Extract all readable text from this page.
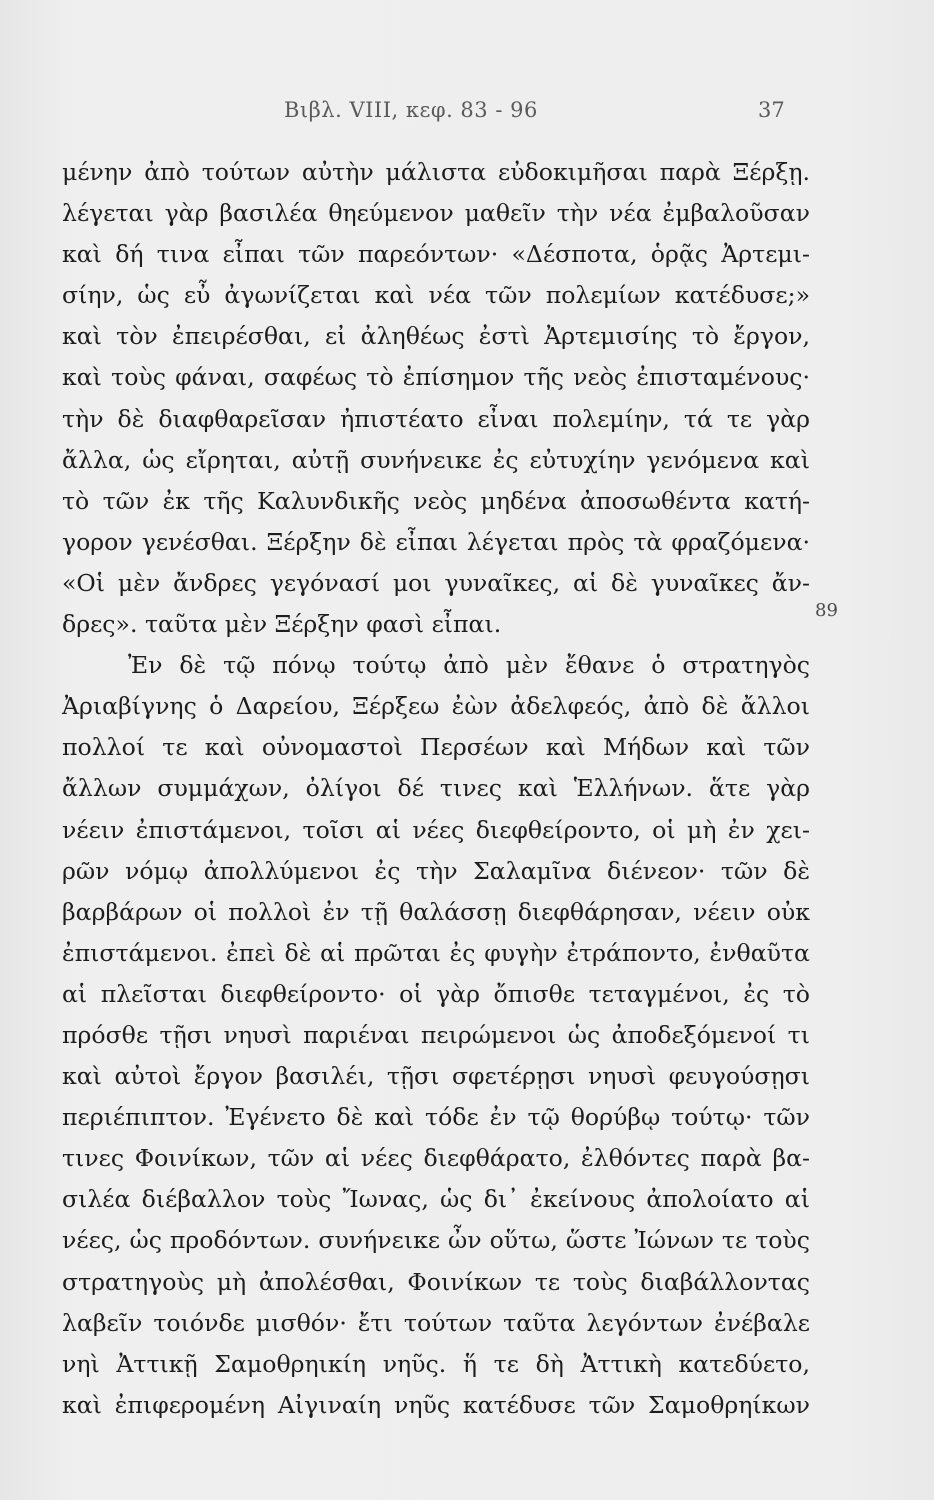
Βιβλ. VIII, κεφ. 83 - 96	37
89
μένην ἀπὸ τούτων αὐτὴν μάλιστα εὐδοκιμῆσαι παρὰ Ξέρξῃ.
λέγεται γὰρ βασιλέα θηεύμενον μαθεῖν τὴν νέα ἐμβαλοῦσαν
καὶ δή τινα εἶπαι τῶν παρεόντων· «Δέσποτα, ὁρᾷς Ἀρτεμι-
σίην, ὡς εὖ ἀγωνίζεται καὶ νέα τῶν πολεμίων κατέδυσε;»
καὶ τὸν ἐπειρέσθαι, εἰ ἀληθέως ἐστὶ Ἀρτεμισίης τὸ ἔργον,
καὶ τοὺς φάναι, σαφέως τὸ ἐπίσημον τῆς νεὸς ἐπισταμένους·
τὴν δὲ διαφθαρεῖσαν ἠπιστέατο εἶναι πολεμίην, τά τε γὰρ
ἄλλα, ὡς εἴρηται, αὐτῇ συνήνεικε ἐς εὐτυχίην γενόμενα καὶ
τὸ τῶν ἐκ τῆς Καλυνδικῆς νεὸς μηδένα ἀποσωθέντα κατή-
γορον γενέσθαι. Ξέρξην δὲ εἶπαι λέγεται πρὸς τὰ φραζόμενα·
«Οἱ μὲν ἄνδρες γεγόνασί μοι γυναῖκες, αἱ δὲ γυναῖκες ἄν-
δρες». ταῦτα μὲν Ξέρξην φασὶ εἶπαι.
Ἐν δὲ τῷ πόνῳ τούτῳ ἀπὸ μὲν ἔθανε ὁ στρατηγὸς
Ἀριαβίγνης ὁ Δαρείου, Ξέρξεω ἐὼν ἀδελφεός, ἀπὸ δὲ ἄλλοι
πολλοί τε καὶ οὐνομαστοὶ Περσέων καὶ Μήδων καὶ τῶν
ἄλλων συμμάχων, ὀλίγοι δέ τινες καὶ Ἑλλήνων. ἅτε γὰρ
νέειν ἐπιστάμενοι, τοῖσι αἱ νέες διεφθείροντο, οἱ μὴ ἐν χει-
ρῶν νόμῳ ἀπολλύμενοι ἐς τὴν Σαλαμῖνα διένεον· τῶν δὲ
βαρβάρων οἱ πολλοὶ ἐν τῇ θαλάσσῃ διεφθάρησαν, νέειν οὐκ
ἐπιστάμενοι. ἐπεὶ δὲ αἱ πρῶται ἐς φυγὴν ἐτράποντο, ἐνθαῦτα
αἱ πλεῖσται διεφθείροντο· οἱ γὰρ ὄπισθε τεταγμένοι, ἐς τὸ
πρόσθε τῇσι νηυσὶ παριέναι πειρώμενοι ὡς ἀποδεξόμενοί τι
καὶ αὐτοὶ ἔργον βασιλέι, τῇσι σφετέρῃσι νηυσὶ φευγούσῃσι
περιέπιπτον. Ἐγένετο δὲ καὶ τόδε ἐν τῷ θορύβῳ τούτῳ· τῶν
τινες Φοινίκων, τῶν αἱ νέες διεφθάρατο, ἐλθόντες παρὰ βα-
σιλέα διέβαλλον τοὺς Ἴωνας, ὡς δι᾽ ἐκείνους ἀπολοίατο αἱ
νέες, ὡς προδόντων. συνήνεικε ὦν οὕτω, ὥστε Ἰώνων τε τοὺς
στρατηγοὺς μὴ ἀπολέσθαι, Φοινίκων τε τοὺς διαβάλλοντας
λαβεῖν τοιόνδε μισθόν· ἔτι τούτων ταῦτα λεγόντων ἐνέβαλε
νηὶ Ἀττικῇ Σαμοθρηικίη νηῦς. ἥ τε δὴ Ἀττικὴ κατεδύετο,
καὶ ἐπιφερομένη Αἰγιναίη νηῦς κατέδυσε τῶν Σαμοθρηίκων
